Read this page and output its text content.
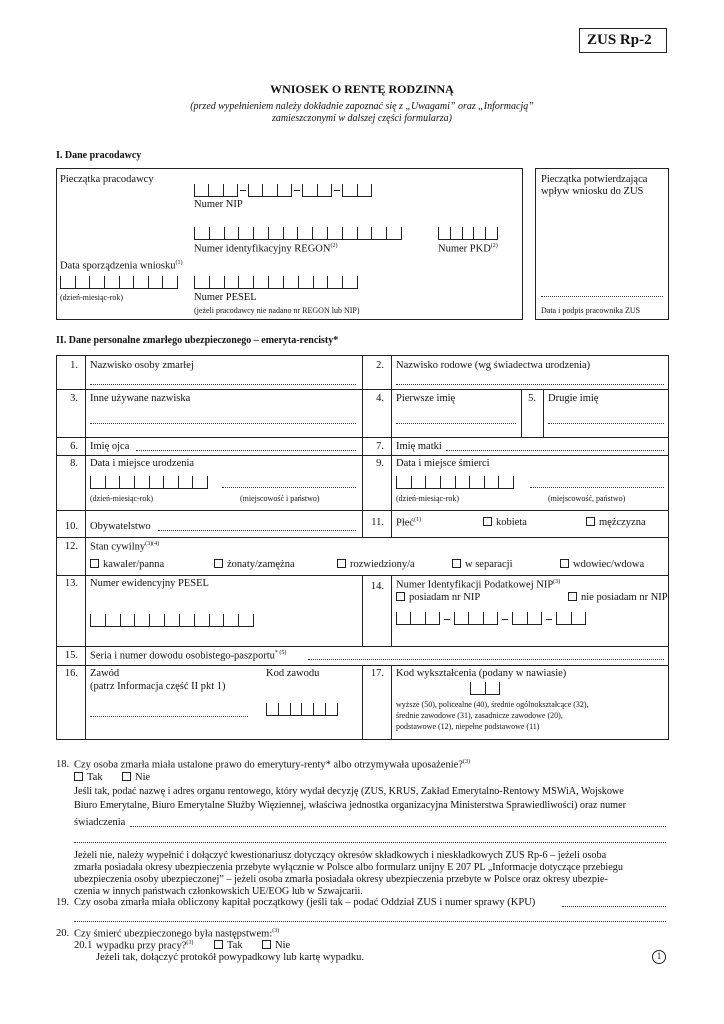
ZUS Rp-2
WNIOSEK O RENTĘ RODZINNĄ
(przed wypełnieniem należy dokładnie zapoznać się z „Uwagami” oraz „Informacją”
zamieszczonymi w dalszej części formularza)
I. Dane pracodawcy
Pieczątka pracodawcy
Numer NIP
Numer identyfikacyjny REGON$^{(2)}$	Numer PKD$^{(2)}$
Data sporządzenia wniosku$^{(1)}$
(dzień-miesiąc-rok)	Numer PESEL
(jeżeli pracodawcy nie nadano nr REGON lub NIP)
Pieczątka potwierdzająca
wpływ wniosku do ZUS
Data i podpis pracownika ZUS
II. Dane personalne zmarłego ubezpieczonego – emeryta-rencisty*
1. Nazwisko osoby zmarłej	2. Nazwisko rodowe (wg świadectwa urodzenia)
3. Inne używane nazwiska	4. Pierwsze imię	5. Drugie imię
6. Imię ojca	7. Imię matki
8. Data i miejsce urodzenia
(dzień-miesiąc-rok)	(miejscowość i państwo)
9. Data i miejsce śmierci
(dzień-miesiąc-rok)	(miejscowość, państwo)
10. Obywatelstwo	11. Płeć$^{(1)}$	kobieta	mężczyzna
12. Stan cywilny$^{(3)(4)}$
kawaler/panna	żonaty/zamężna	rozwiedziony/a	w separacji	wdowiec/wdowa
13. Numer ewidencyjny PESEL	14. Numer Identyfikacji Podatkowej NIP$^{(3)}$
posiadam nr NIP	nie posiadam nr NIP
15. Seria i numer dowodu osobistego-paszportu$^{* (5)}$
16. Zawód
(patrz Informacja część II pkt 1)
Kod zawodu	17. Kod wykształcenia (podany w nawiasie)
wyższe (50), policealne (40), średnie ogólnokształcące (32),
średnie zawodowe (31), zasadnicze zawodowe (20),
podstawowe (12), niepełne podstawowe (11)
18. Czy osoba zmarła miała ustalone prawo do emerytury-renty* albo otrzymywała uposażenie?$^{(3)}$
Tak	Nie
Jeśli tak, podać nazwę i adres organu rentowego, który wydał decyzję (ZUS, KRUS, Zakład Emerytalno-Rentowy MSWiA, Wojskowe
Biuro Emerytalne, Biuro Emerytalne Służby Więziennej, właściwa jednostka organizacyjna Ministerstwa Sprawiedliwości) oraz numer
świadczenia
Jeżeli nie, należy wypełnić i dołączyć kwestionariusz dotyczący okresów składkowych i nieskładkowych ZUS Rp-6 – jeżeli osoba
zmarła posiadała okresy ubezpieczenia przebyte wyłącznie w Polsce albo formularz unijny E 207 PL „Informacje dotyczące przebiegu
ubezpieczenia osoby ubezpieczonej” – jeżeli osoba zmarła posiadała okresy ubezpieczenia przebyte w Polsce oraz okresy ubezpie-
czenia w innych państwach członkowskich UE/EOG lub w Szwajcarii.
19. Czy osoba zmarła miała obliczony kapitał początkowy (jeśli tak – podać Oddział ZUS i numer sprawy (KPU)
20. Czy śmierć ubezpieczonego była następstwem:$^{(3)}$
20.1 wypadku przy pracy?$^{(3)}$	Tak	Nie
Jeżeli tak, dołączyć protokół powypadkowy lub kartę wypadku.	1
